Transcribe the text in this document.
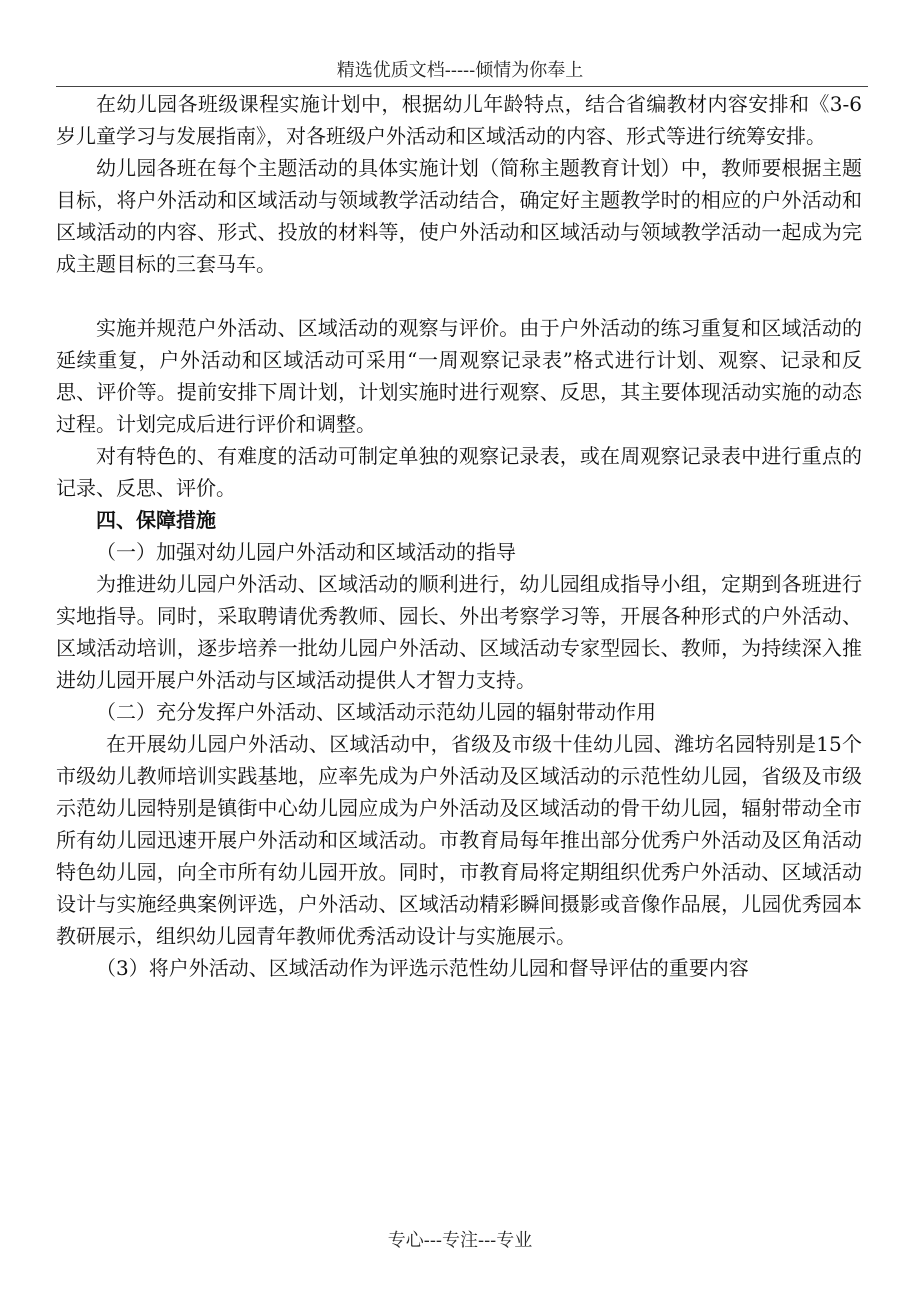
精选优质文档-----倾情为你奉上

在幼儿园各班级课程实施计划中，根据幼儿年龄特点，结合省编教材内容安排和《3-6岁儿童学习与发展指南》，对各班级户外活动和区域活动的内容、形式等进行统筹安排。

幼儿园各班在每个主题活动的具体实施计划（简称主题教育计划）中，教师要根据主题目标，将户外活动和区域活动与领域教学活动结合，确定好主题教学时的相应的户外活动和区域活动的内容、形式、投放的材料等，使户外活动和区域活动与领域教学活动一起成为完成主题目标的三套马车。

实施并规范户外活动、区域活动的观察与评价。由于户外活动的练习重复和区域活动的延续重复，户外活动和区域活动可采用“一周观察记录表”格式进行计划、观察、记录和反思、评价等。提前安排下周计划，计划实施时进行观察、反思，其主要体现活动实施的动态过程。计划完成后进行评价和调整。

对有特色的、有难度的活动可制定单独的观察记录表，或在周观察记录表中进行重点的记录、反思、评价。

四、保障措施

（一）加强对幼儿园户外活动和区域活动的指导

为推进幼儿园户外活动、区域活动的顺利进行，幼儿园组成指导小组，定期到各班进行实地指导。同时，采取聘请优秀教师、园长、外出考察学习等，开展各种形式的户外活动、区域活动培训，逐步培养一批幼儿园户外活动、区域活动专家型园长、教师，为持续深入推进幼儿园开展户外活动与区域活动提供人才智力支持。

（二）充分发挥户外活动、区域活动示范幼儿园的辐射带动作用

在开展幼儿园户外活动、区域活动中，省级及市级十佳幼儿园、潍坊名园特别是15个市级幼儿教师培训实践基地，应率先成为户外活动及区域活动的示范性幼儿园，省级及市级示范幼儿园特别是镇街中心幼儿园应成为户外活动及区域活动的骨干幼儿园，辐射带动全市所有幼儿园迅速开展户外活动和区域活动。市教育局每年推出部分优秀户外活动及区角活动特色幼儿园，向全市所有幼儿园开放。同时，市教育局将定期组织优秀户外活动、区域活动设计与实施经典案例评选，户外活动、区域活动精彩瞬间摄影或音像作品展，儿园优秀园本教研展示，组织幼儿园青年教师优秀活动设计与实施展示。

（3）将户外活动、区域活动作为评选示范性幼儿园和督导评估的重要内容

专心---专注---专业
